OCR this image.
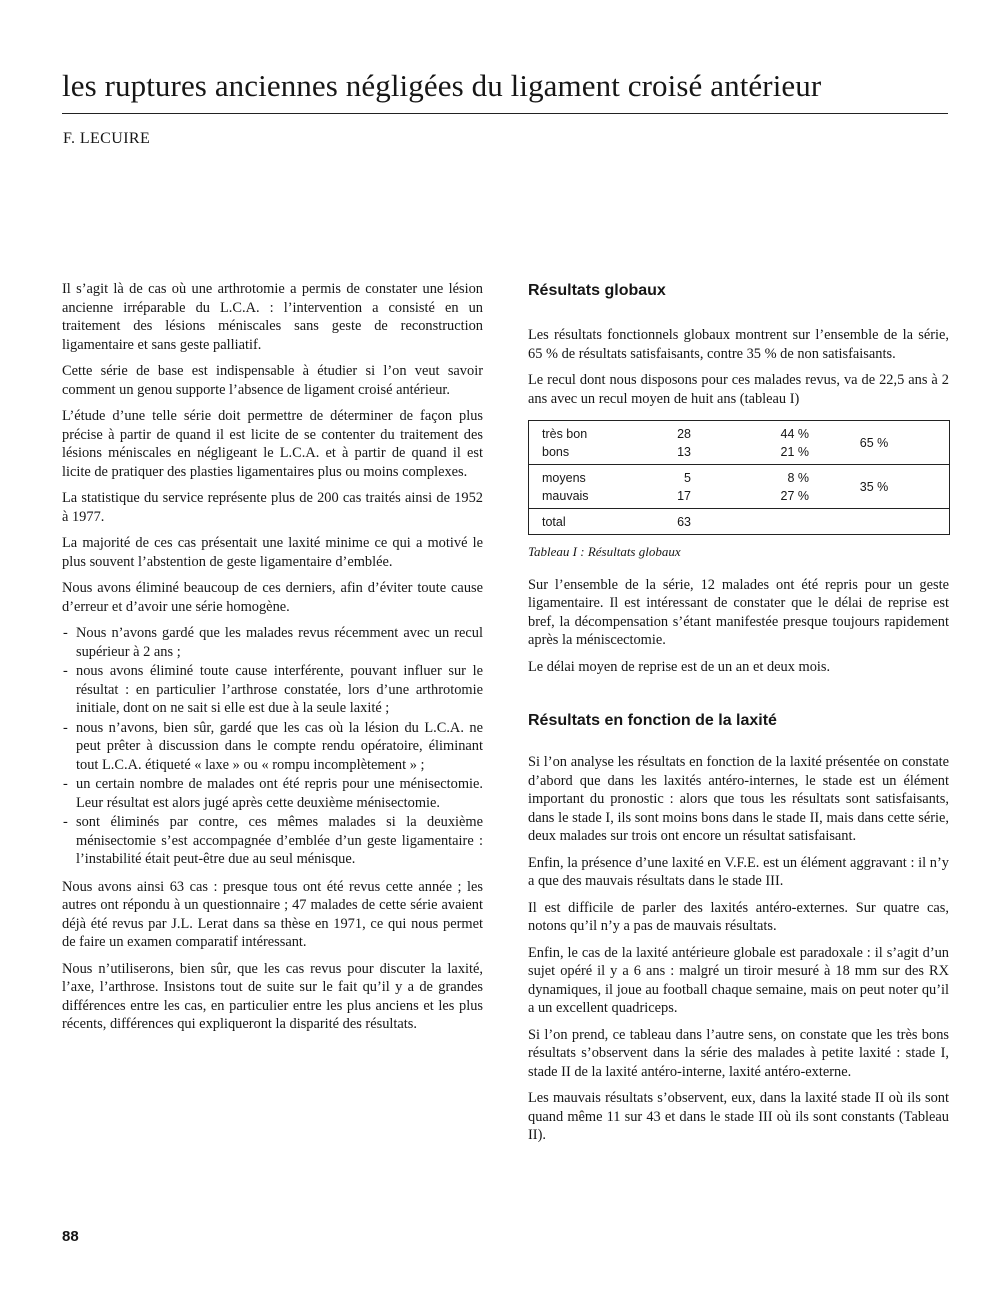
les ruptures anciennes négligées du ligament croisé antérieur
F. LECUIRE

Il s’agit là de cas où une arthrotomie a permis de constater une lésion ancienne irréparable du L.C.A. : l’intervention a consisté en un traitement des lésions méniscales sans geste de reconstruction ligamentaire et sans geste palliatif.

Cette série de base est indispensable à étudier si l’on veut savoir comment un genou supporte l’absence de ligament croisé antérieur.

L’étude d’une telle série doit permettre de déterminer de façon plus précise à partir de quand il est licite de se contenter du traitement des lésions méniscales en négligeant le L.C.A. et à partir de quand il est licite de pratiquer des plasties ligamentaires plus ou moins complexes.

La statistique du service représente plus de 200 cas traités ainsi de 1952 à 1977.

La majorité de ces cas présentait une laxité minime ce qui a motivé le plus souvent l’abstention de geste ligamentaire d’emblée.

Nous avons éliminé beaucoup de ces derniers, afin d’éviter toute cause d’erreur et d’avoir une série homogène.

- Nous n’avons gardé que les malades revus récemment avec un recul supérieur à 2 ans ;
- nous avons éliminé toute cause interférente, pouvant influer sur le résultat : en particulier l’arthrose constatée, lors d’une arthrotomie initiale, dont on ne sait si elle est due à la seule laxité ;
- nous n’avons, bien sûr, gardé que les cas où la lésion du L.C.A. ne peut prêter à discussion dans le compte rendu opératoire, éliminant tout L.C.A. étiqueté « laxe » ou « rompu incomplètement » ;
- un certain nombre de malades ont été repris pour une ménisectomie. Leur résultat est alors jugé après cette deuxième ménisectomie.
- sont éliminés par contre, ces mêmes malades si la deuxième ménisectomie s’est accompagnée d’emblée d’un geste ligamentaire : l’instabilité était peut-être due au seul ménisque.

Nous avons ainsi 63 cas : presque tous ont été revus cette année ; les autres ont répondu à un questionnaire ; 47 malades de cette série avaient déjà été revus par J.L. Lerat dans sa thèse en 1971, ce qui nous permet de faire un examen comparatif intéressant.

Nous n’utiliserons, bien sûr, que les cas revus pour discuter la laxité, l’axe, l’arthrose. Insistons tout de suite sur le fait qu’il y a de grandes différences entre les cas, en particulier entre les plus anciens et les plus récents, différences qui expliqueront la disparité des résultats.

Résultats globaux

Les résultats fonctionnels globaux montrent sur l’ensemble de la série, 65 % de résultats satisfaisants, contre 35 % de non satisfaisants.

Le recul dont nous disposons pour ces malades revus, va de 22,5 ans à 2 ans avec un recul moyen de huit ans (tableau I)

très bon	28	44 %
bons	13	21 %
65 %
moyens	5	8 %
mauvais	17	27 %
35 %
total	63
Tableau I : Résultats globaux

Sur l’ensemble de la série, 12 malades ont été repris pour un geste ligamentaire. Il est intéressant de constater que le délai de reprise est bref, la décompensation s’étant manifestée presque toujours rapidement après la méniscectomie.

Le délai moyen de reprise est de un an et deux mois.

Résultats en fonction de la laxité

Si l’on analyse les résultats en fonction de la laxité présentée on constate d’abord que dans les laxités antéro-internes, le stade est un élément important du pronostic : alors que tous les résultats sont satisfaisants, dans le stade I, ils sont moins bons dans le stade II, mais dans cette série, deux malades sur trois ont encore un résultat satisfaisant.

Enfin, la présence d’une laxité en V.F.E. est un élément aggravant : il n’y a que des mauvais résultats dans le stade III.

Il est difficile de parler des laxités antéro-externes. Sur quatre cas, notons qu’il n’y a pas de mauvais résultats.

Enfin, le cas de la laxité antérieure globale est paradoxale : il s’agit d’un sujet opéré il y a 6 ans : malgré un tiroir mesuré à 18 mm sur des RX dynamiques, il joue au football chaque semaine, mais on peut noter qu’il a un excellent quadriceps.

Si l’on prend, ce tableau dans l’autre sens, on constate que les très bons résultats s’observent dans la série des malades à petite laxité : stade I, stade II de la laxité antéro-interne, laxité antéro-externe.

Les mauvais résultats s’observent, eux, dans la laxité stade II où ils sont quand même 11 sur 43 et dans le stade III où ils sont constants (Tableau II).

88
